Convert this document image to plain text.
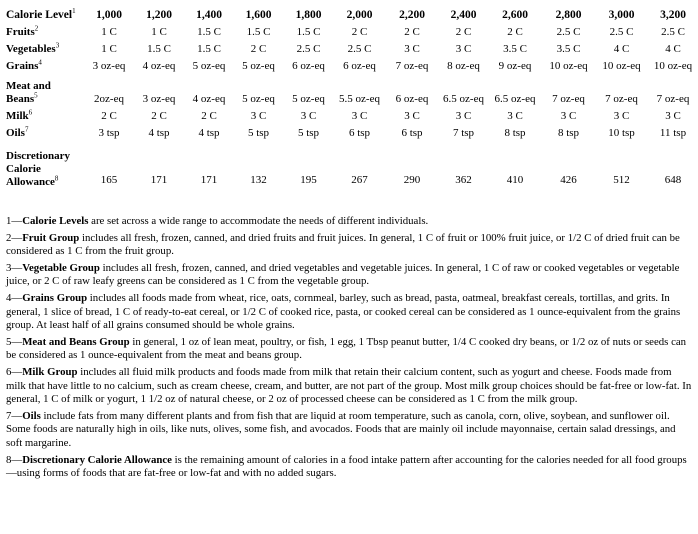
Calorie Level$^1$	1,000	1,200	1,400	1,600	1,800	2,000	2,200	2,400	2,600	2,800	3,000	3,200
Fruits$^2$	1 C	1 C	1.5 C	1.5 C	1.5 C	2 C	2 C	2 C	2 C	2.5 C	2.5 C	2.5 C
Vegetables$^3$	1 C	1.5 C	1.5 C	2 C	2.5 C	2.5 C	3 C	3 C	3.5 C	3.5 C	4 C	4 C
Grains$^4$	3 oz-eq	4 oz-eq	5 oz-eq	5 oz-eq	6 oz-eq	6 oz-eq	7 oz-eq	8 oz-eq	9 oz-eq	10 oz-eq	10 oz-eq	10 oz-eq
Meat and Beans$^5$	2oz-eq	3 oz-eq	4 oz-eq	5 oz-eq	5 oz-eq	5.5 oz-eq	6 oz-eq	6.5 oz-eq	6.5 oz-eq	7 oz-eq	7 oz-eq	7 oz-eq
Milk$^6$	2 C	2 C	2 C	3 C	3 C	3 C	3 C	3 C	3 C	3 C	3 C	3 C
Oils$^7$	3 tsp	4 tsp	4 tsp	5 tsp	5 tsp	6 tsp	6 tsp	7 tsp	8 tsp	8 tsp	10 tsp	11 tsp
Discretionary Calorie Allowance$^8$	165	171	171	132	195	267	290	362	410	426	512	648

1—Calorie Levels are set across a wide range to accommodate the needs of different individuals.

2—Fruit Group includes all fresh, frozen, canned, and dried fruits and fruit juices. In general, 1 C of fruit or 100% fruit juice, or 1/2 C of dried fruit can be considered as 1 C from the fruit group.

3—Vegetable Group includes all fresh, frozen, canned, and dried vegetables and vegetable juices. In general, 1 C of raw or cooked vegetables or vegetable juice, or 2 C of raw leafy greens can be considered as 1 C from the vegetable group.

4—Grains Group includes all foods made from wheat, rice, oats, cornmeal, barley, such as bread, pasta, oatmeal, breakfast cereals, tortillas, and grits. In general, 1 slice of bread, 1 C of ready-to-eat cereal, or 1/2 C of cooked rice, pasta, or cooked cereal can be considered as 1 ounce-equivalent from the grains group. At least half of all grains consumed should be whole grains.

5—Meat and Beans Group in general, 1 oz of lean meat, poultry, or fish, 1 egg, 1 Tbsp peanut butter, 1/4 C cooked dry beans, or 1/2 oz of nuts or seeds can be considered as 1 ounce-equivalent from the meat and beans group.

6—Milk Group includes all fluid milk products and foods made from milk that retain their calcium content, such as yogurt and cheese. Foods made from milk that have little to no calcium, such as cream cheese, cream, and butter, are not part of the group. Most milk group choices should be fat-free or low-fat. In general, 1 C of milk or yogurt, 1 1/2 oz of natural cheese, or 2 oz of processed cheese can be considered as 1 C from the milk group.

7—Oils include fats from many different plants and from fish that are liquid at room temperature, such as canola, corn, olive, soybean, and sunflower oil. Some foods are naturally high in oils, like nuts, olives, some fish, and avocados. Foods that are mainly oil include mayonnaise, certain salad dressings, and soft margarine.

8—Discretionary Calorie Allowance is the remaining amount of calories in a food intake pattern after accounting for the calories needed for all food groups—using forms of foods that are fat-free or low-fat and with no added sugars.
